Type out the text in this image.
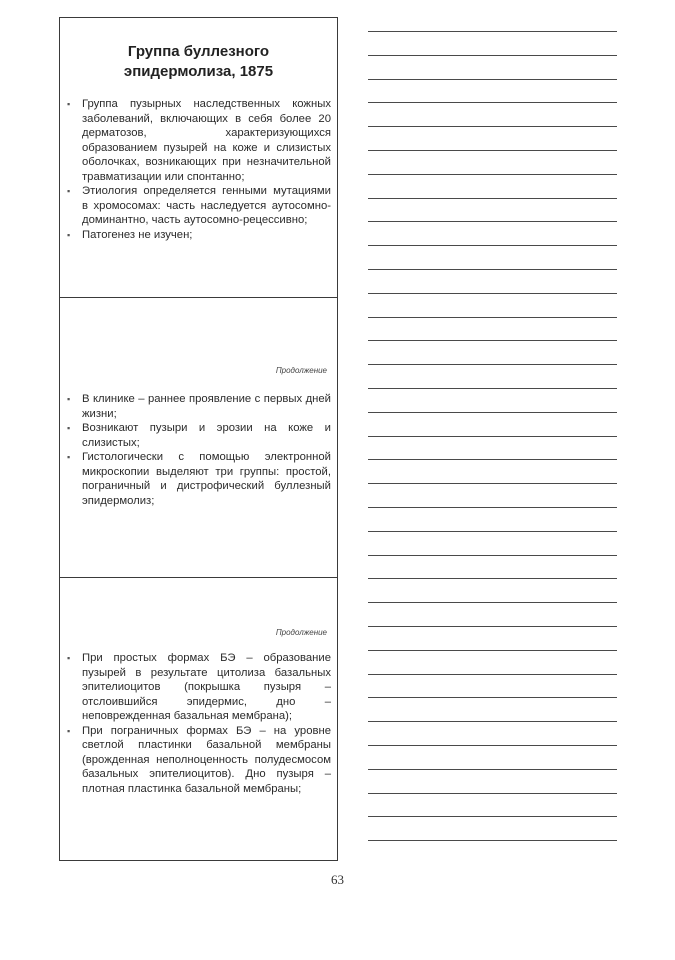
Группа буллезного
эпидермолиза, 1875
▪ Группа пузырных наследственных кожных заболеваний, включающих в себя более 20 дерматозов, характеризующихся образованием пузырей на коже и слизистых оболочках, возникающих при незначительной травматизации или спонтанно;
▪ Этиология определяется генными мутациями в хромосомах: часть наследуется аутосомно-доминантно, часть аутосомно-рецессивно;
▪ Патогенез не изучен;
Продолжение
▪ В клинике – раннее проявление с первых дней жизни;
▪ Возникают пузыри и эрозии на коже и слизистых;
▪ Гистологически с помощью электронной микроскопии выделяют три группы: простой, пограничный и дистрофический буллезный эпидермолиз;
Продолжение
▪ При простых формах БЭ – образование пузырей в результате цитолиза базальных эпителиоцитов (покрышка пузыря – отслоившийся эпидермис, дно – неповрежденная базальная мембрана);
▪ При пограничных формах БЭ – на уровне светлой пластинки базальной мембраны (врожденная неполноценность полудесмосом базальных эпителиоцитов). Дно пузыря – плотная пластинка базальной мембраны;
63
